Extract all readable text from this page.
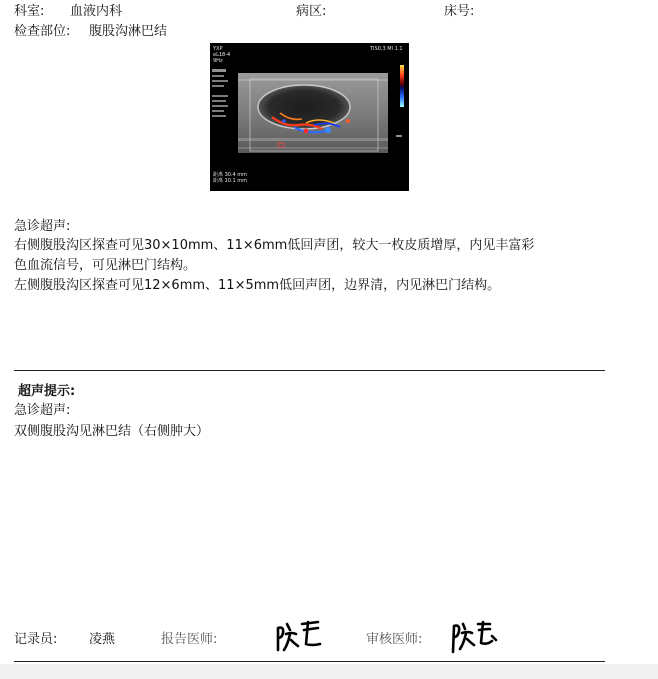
科室: 血液内科	病区:	床号:
检查部位: 腹股沟淋巴结
YXP
eL18-4
9Hz
TIS0.3 MI 1.1
距离 30.4 mm
距离 10.1 mm
急诊超声:
右侧腹股沟区探查可见30×10mm、11×6mm低回声团，较大一枚皮质增厚，内见丰富彩
色血流信号，可见淋巴门结构。
左侧腹股沟区探查可见12×6mm、11×5mm低回声团，边界清，内见淋巴门结构。
超声提示:
急诊超声:
双侧腹股沟见淋巴结（右侧肿大）
记录员: 凌燕	报告医师:	审核医师:
